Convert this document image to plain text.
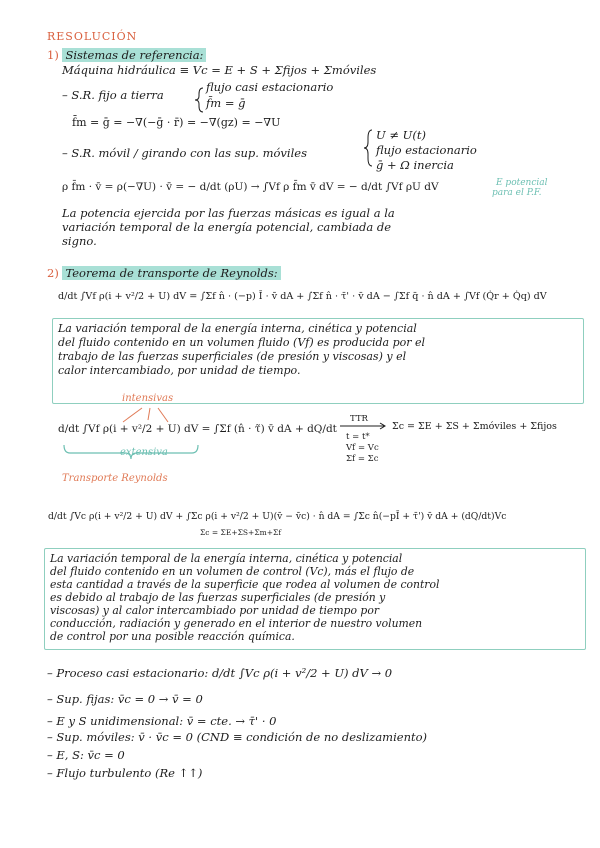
RESOLUCIÓN
1) Sistemas de referencia:
Máquina hidráulica ≡ Vc = E + S + Σfijos + Σmóviles
– S.R. fijo a tierra
flujo casi estacionario
f̄m = ḡ
f̄m = ḡ = −∇(−ḡ · r̄) = −∇(gz) = −∇U
– S.R. móvil / girando con las sup. móviles
U ≠ U(t)
flujo estacionario
ḡ + Ω inercia
ρ f̄m · v̄ = ρ(−∇U) · v̄ = − d/dt (ρU) → ∫Vf ρ f̄m v̄ dV = − d/dt ∫Vf ρU dV	E potencial
para el P.F.
La potencia ejercida por las fuerzas másicas es igual a la
variación temporal de la energía potencial, cambiada de
signo.
2) Teorema de transporte de Reynolds:
d/dt ∫Vf ρ(i + v²/2 + U) dV = ∫Σf n̂ · (−p) Ī · v̄ dA + ∫Σf n̂ · τ̄' · v̄ dA − ∫Σf q̄ · n̂ dA + ∫Vf (Q̇r + Q̇q) dV
La variación temporal de la energía interna, cinética y potencial
del fluido contenido en un volumen fluido (Vf) es producida por el
trabajo de las fuerzas superficiales (de presión y viscosas) y el
calor intercambiado, por unidad de tiempo.
intensivas
d/dt ∫Vf ρ(i + v²/2 + U) dV = ∫Σf (n̂ · τ̃) v̄ dA + dQ/dt
extensiva
Transporte Reynolds
TTR
t = t*
Vf = Vc
Σf = Σc
Σc = ΣE + ΣS + Σmóviles + Σfijos
d/dt ∫Vc ρ(i + v²/2 + U) dV + ∫Σc ρ(i + v²/2 + U)(v̄ − v̄c) · n̂ dA = ∫Σc n̂(−pĪ + τ̄') v̄ dA + (dQ/dt)Vc
Σc = ΣE+ΣS+Σm+Σf
La variación temporal de la energía interna, cinética y potencial
del fluido contenido en un volumen de control (Vc), más el flujo de
esta cantidad a través de la superficie que rodea al volumen de control
es debido al trabajo de las fuerzas superficiales (de presión y
viscosas) y al calor intercambiado por unidad de tiempo por
conducción, radiación y generado en el interior de nuestro volumen
de control por una posible reacción química.
– Proceso casi estacionario: d/dt ∫Vc ρ(i + v²/2 + U) dV → 0
– Sup. fijas: v̄c = 0 → v̄ = 0
– E y S unidimensional: v̄ = cte. → τ̄' · 0
– Sup. móviles: v̄ · v̄c = 0 (CND ≡ condición de no deslizamiento)
– E, S: v̄c = 0
– Flujo turbulento (Re ↑↑)
